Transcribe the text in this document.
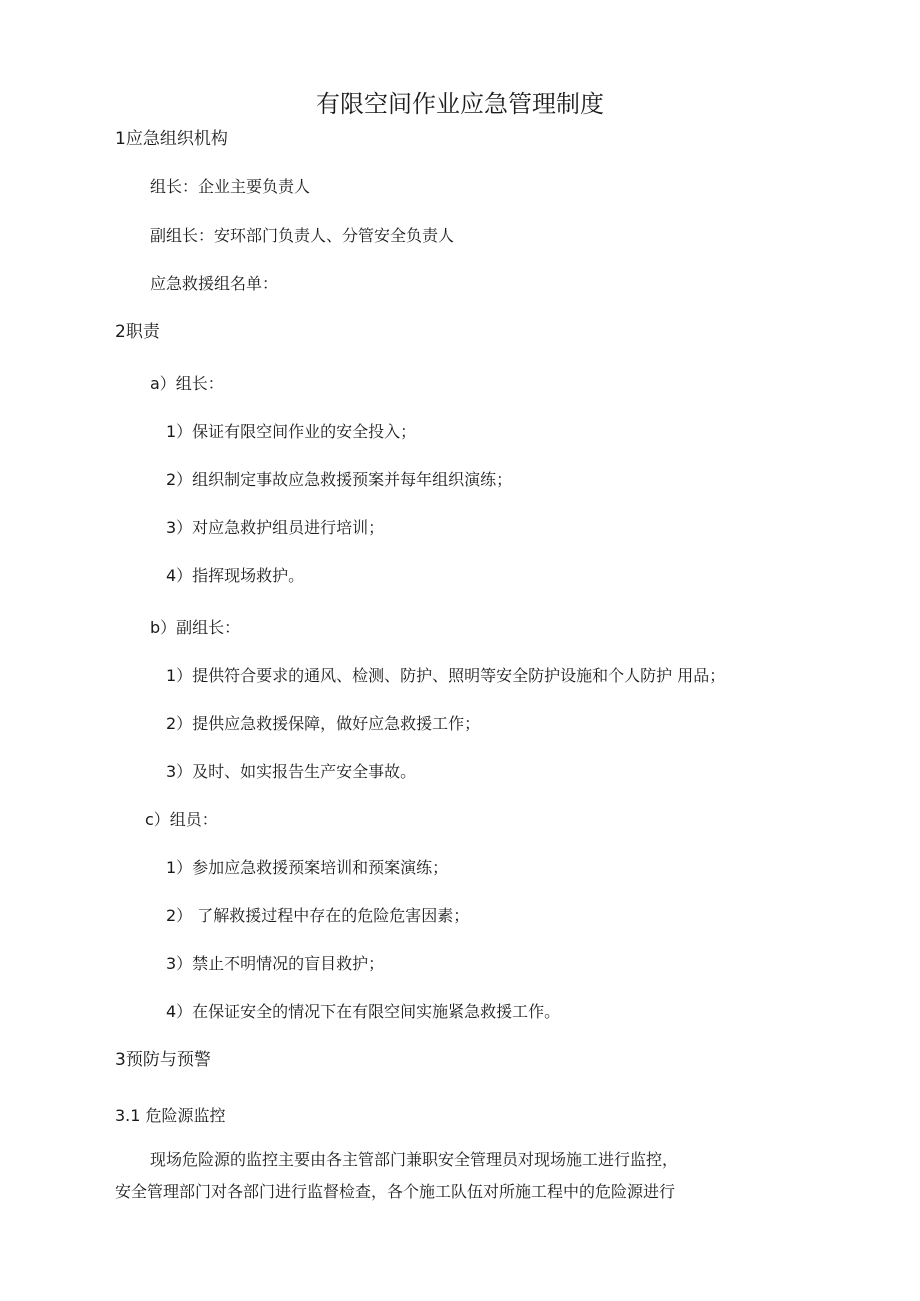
有限空间作业应急管理制度
1应急组织机构
组长：企业主要负责人
副组长：安环部门负责人、分管安全负责人
应急救援组名单：
2职责
a）组长：
1）保证有限空间作业的安全投入；
2）组织制定事故应急救援预案并每年组织演练；
3）对应急救护组员进行培训；
4）指挥现场救护。
b）副组长：
1）提供符合要求的通风、检测、防护、照明等安全防护设施和个人防护 用品；
2）提供应急救援保障，做好应急救援工作；
3）及时、如实报告生产安全事故。
c）组员：
1）参加应急救援预案培训和预案演练；
2） 了解救援过程中存在的危险危害因素；
3）禁止不明情况的盲目救护；
4）在保证安全的情况下在有限空间实施紧急救援工作。
3预防与预警
3.1 危险源监控
现场危险源的监控主要由各主管部门兼职安全管理员对现场施工进行监控，
安全管理部门对各部门进行监督检查，各个施工队伍对所施工程中的危险源进行
